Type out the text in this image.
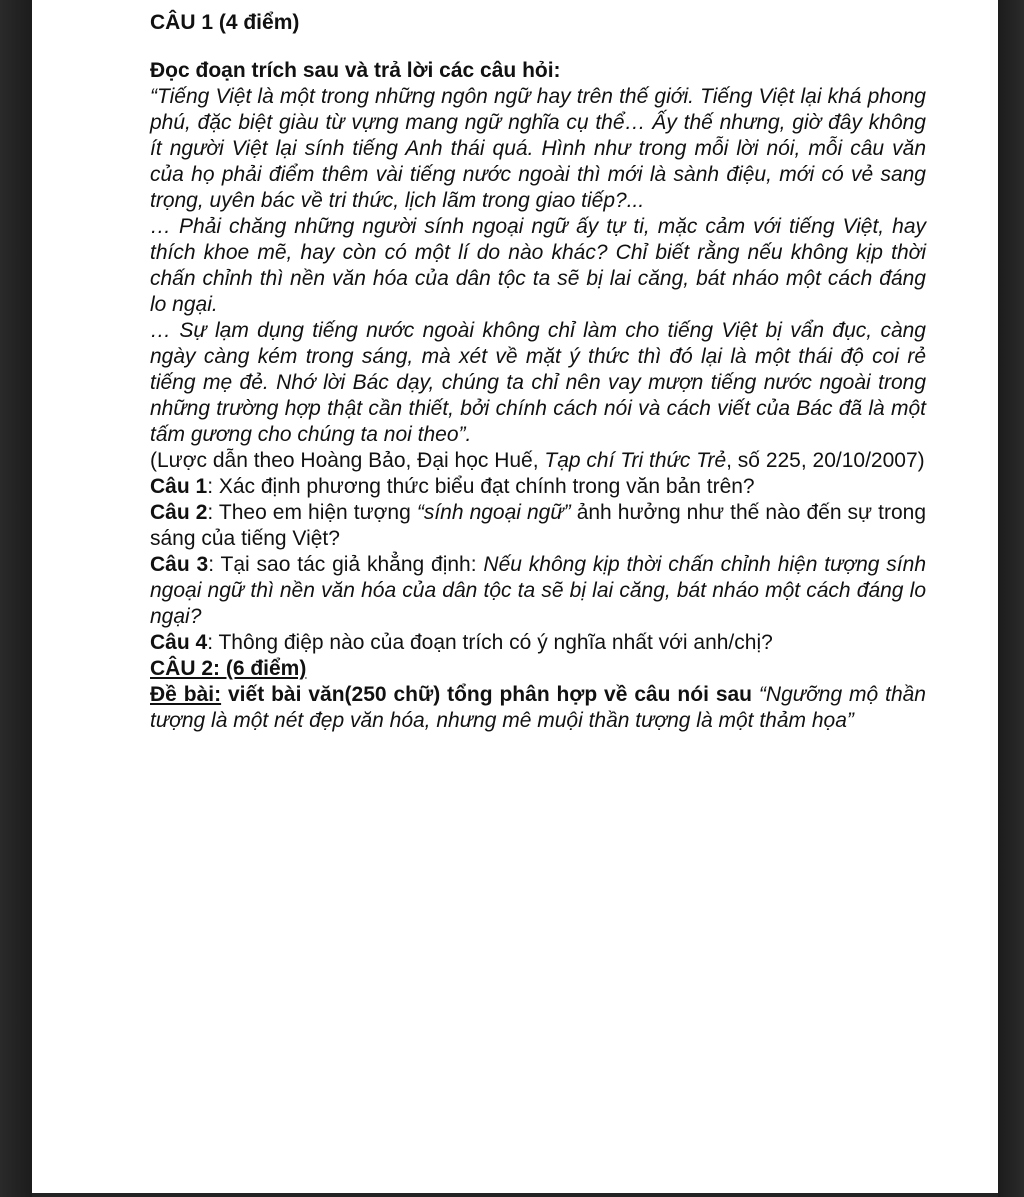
CÂU 1 (4 điểm)

Đọc đoạn trích sau và trả lời các câu hỏi:

“Tiếng Việt là một trong những ngôn ngữ hay trên thế giới. Tiếng Việt lại khá phong phú, đặc biệt giàu từ vựng mang ngữ nghĩa cụ thể… Ấy thế nhưng, giờ đây không ít người Việt lại sính tiếng Anh thái quá. Hình như trong mỗi lời nói, mỗi câu văn của họ phải điểm thêm vài tiếng nước ngoài thì mới là sành điệu, mới có vẻ sang trọng, uyên bác về tri thức, lịch lãm trong giao tiếp?...

… Phải chăng những người sính ngoại ngữ ấy tự ti, mặc cảm với tiếng Việt, hay thích khoe mẽ, hay còn có một lí do nào khác? Chỉ biết rằng nếu không kịp thời chấn chỉnh thì nền văn hóa của dân tộc ta sẽ bị lai căng, bát nháo một cách đáng lo ngại.

… Sự lạm dụng tiếng nước ngoài không chỉ làm cho tiếng Việt bị vẩn đục, càng ngày càng kém trong sáng, mà xét về mặt ý thức thì đó lại là một thái độ coi rẻ tiếng mẹ đẻ. Nhớ lời Bác dạy, chúng ta chỉ nên vay mượn tiếng nước ngoài trong những trường hợp thật cần thiết, bởi chính cách nói và cách viết của Bác đã là một tấm gương cho chúng ta noi theo”.

(Lược dẫn theo Hoàng Bảo, Đại học Huế, Tạp chí Tri thức Trẻ, số 225, 20/10/2007)

Câu 1: Xác định phương thức biểu đạt chính trong văn bản trên?

Câu 2: Theo em hiện tượng “sính ngoại ngữ” ảnh hưởng như thế nào đến sự trong sáng của tiếng Việt?

Câu 3: Tại sao tác giả khẳng định: Nếu không kịp thời chấn chỉnh hiện tượng sính ngoại ngữ thì nền văn hóa của dân tộc ta sẽ bị lai căng, bát nháo một cách đáng lo ngại?

Câu 4: Thông điệp nào của đoạn trích có ý nghĩa nhất với anh/chị?

CÂU 2: (6 điểm)

Đề bài: viết bài văn(250 chữ) tổng phân hợp về câu nói sau “Ngưỡng mộ thần tượng là một nét đẹp văn hóa, nhưng mê muội thần tượng là một thảm họa”
